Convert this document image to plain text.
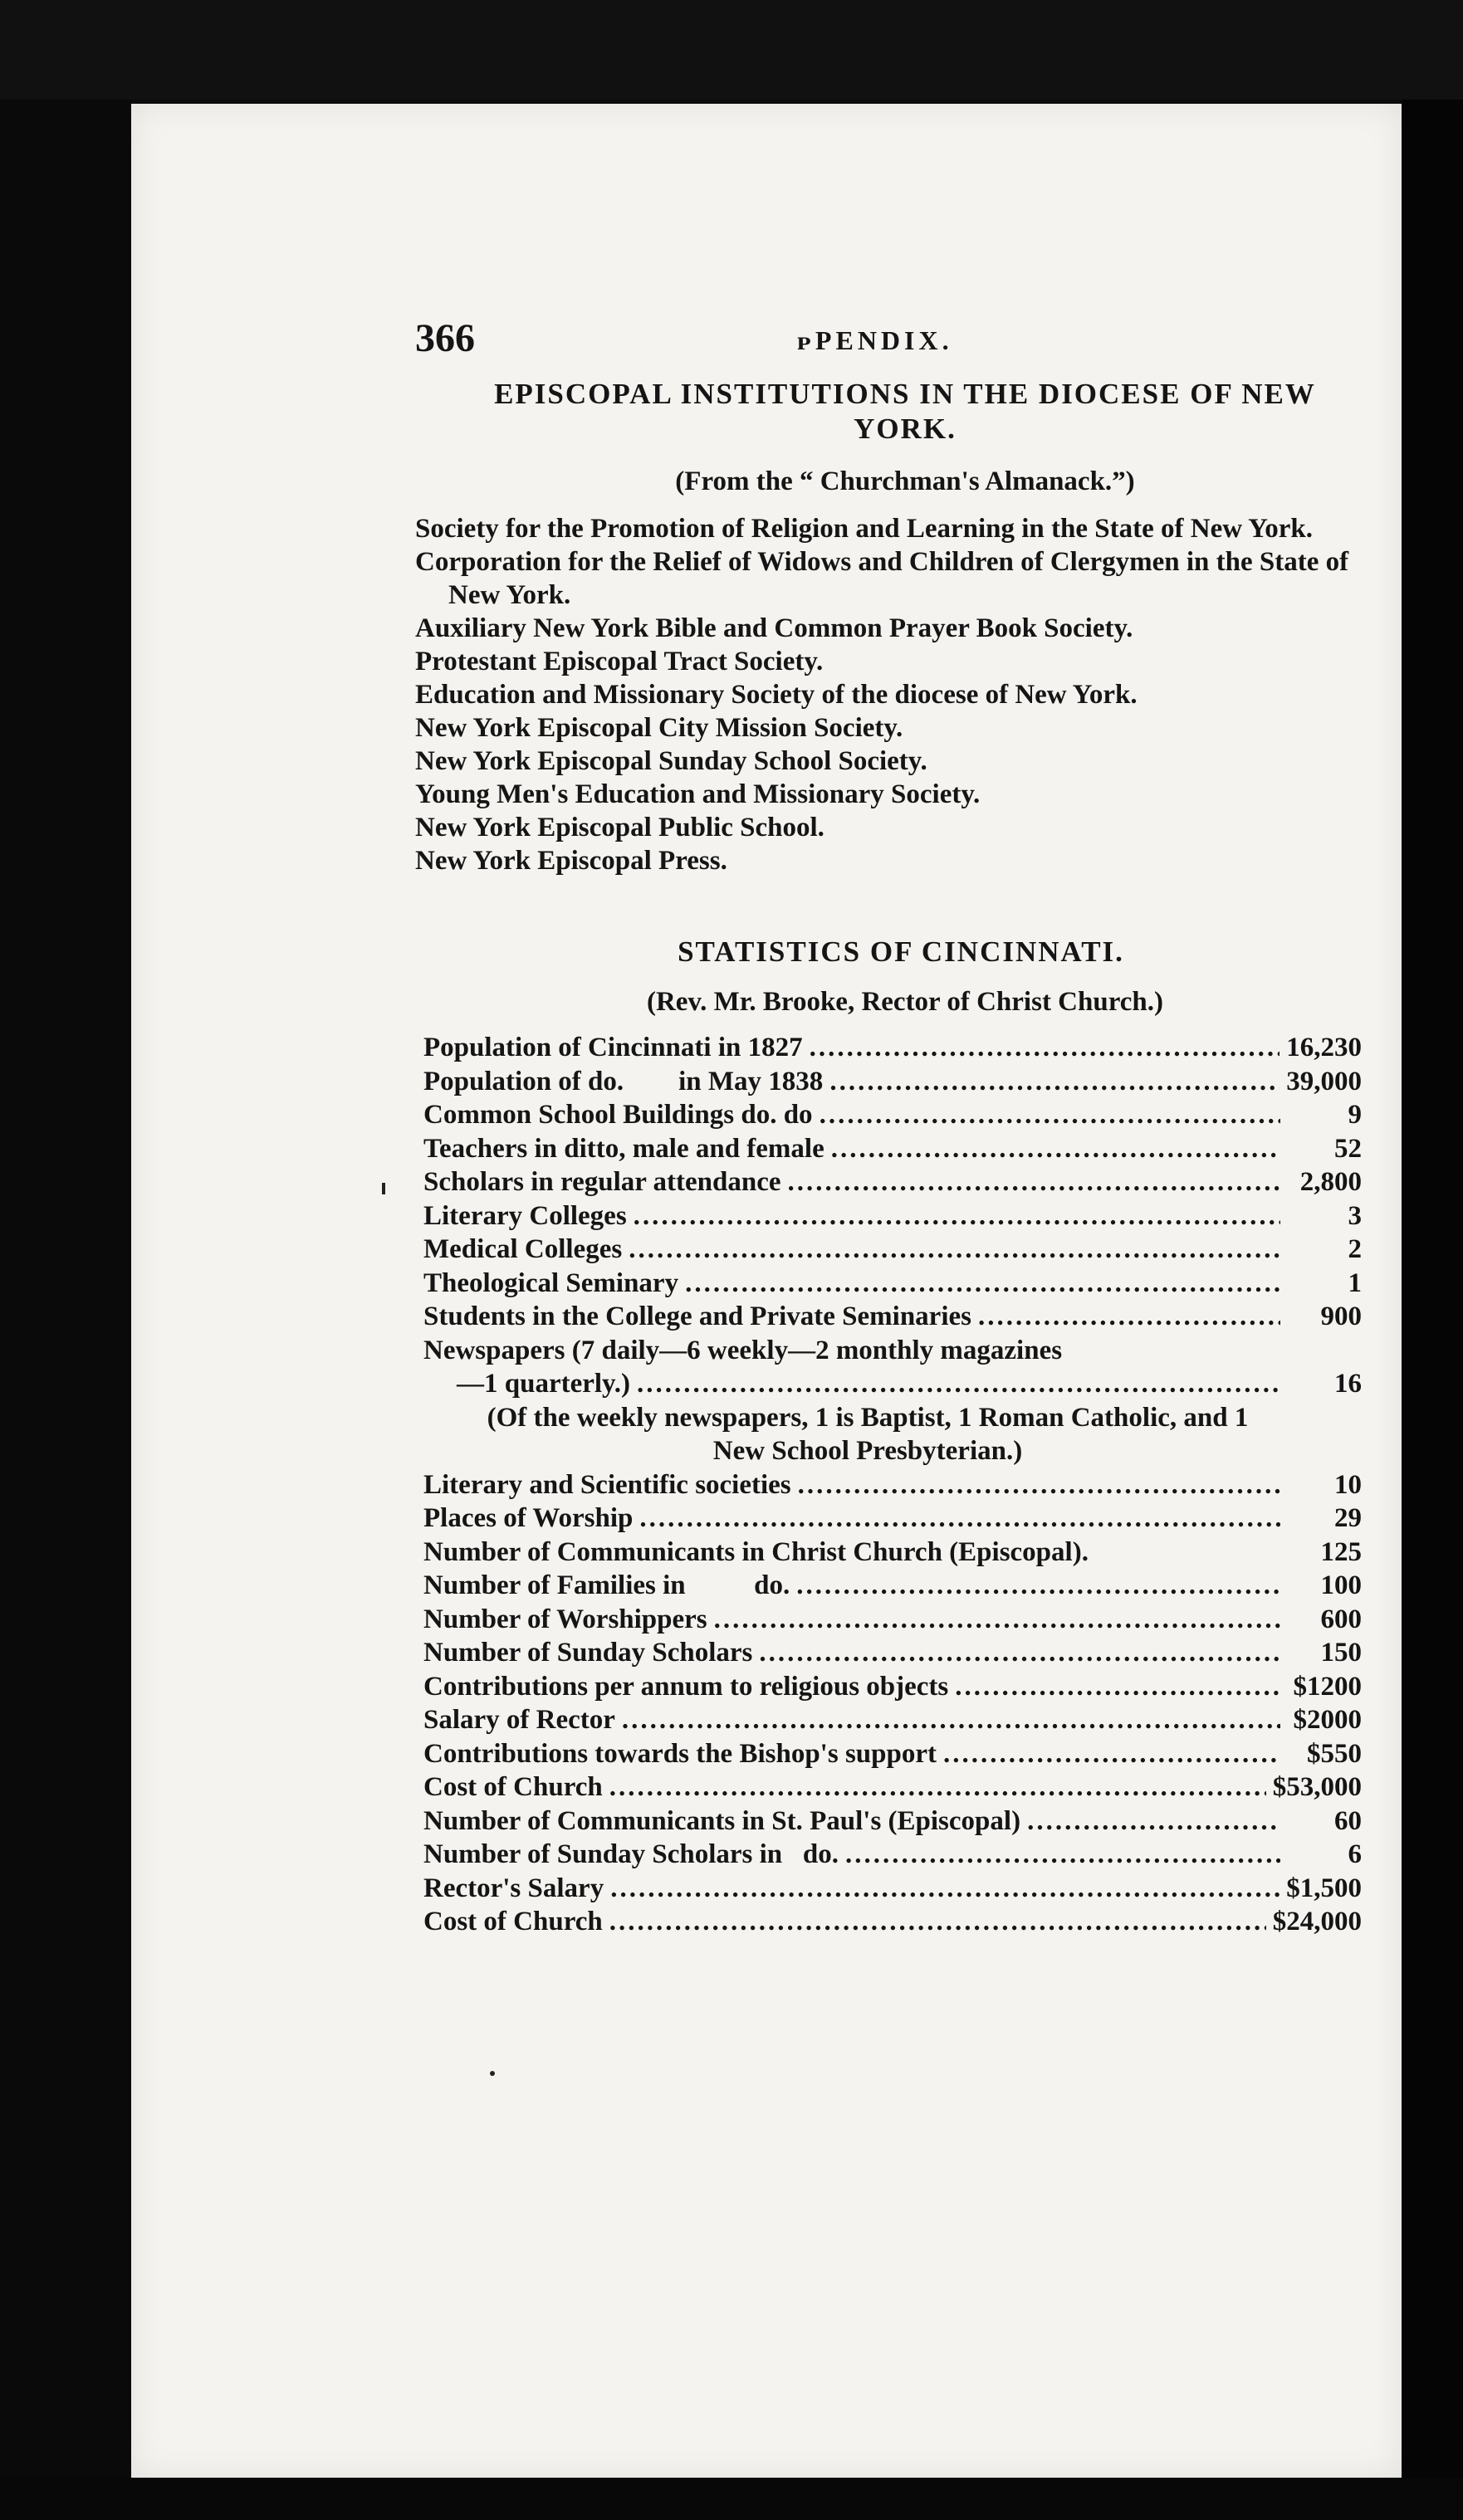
366	ᴘPENDIX.
EPISCOPAL INSTITUTIONS IN THE DIOCESE OF NEW YORK.
(From the “ Churchman's Almanack.”)
Society for the Promotion of Religion and Learning in the State of New York.
Corporation for the Relief of Widows and Children of Clergymen in the State of New York.
Auxiliary New York Bible and Common Prayer Book Society.
Protestant Episcopal Tract Society.
Education and Missionary Society of the diocese of New York.
New York Episcopal City Mission Society.
New York Episcopal Sunday School Society.
Young Men's Education and Missionary Society.
New York Episcopal Public School.
New York Episcopal Press.
STATISTICS OF CINCINNATI.
(Rev. Mr. Brooke, Rector of Christ Church.)
Population of Cincinnati in 1827 .....	16,230
Population of do.        in May 1838 .....	39,000
Common School Buildings do. do .....	9
Teachers in ditto, male and female .....	52
Scholars in regular attendance .....	2,800
Literary Colleges .....	3
Medical Colleges .....	2
Theological Seminary .....	1
Students in the College and Private Seminaries .....	900
Newspapers (7 daily—6 weekly—2 monthly magazines
—1 quarterly.) .....	16
(Of the weekly newspapers, 1 is Baptist, 1 Roman Catholic, and 1 New School Presbyterian.)
Literary and Scientific societies .....	10
Places of Worship .....	29
Number of Communicants in Christ Church (Episcopal).	125
Number of Families in          do. .....	100
Number of Worshippers .....	600
Number of Sunday Scholars .....	150
Contributions per annum to religious objects .....	$1200
Salary of Rector .....	$2000
Contributions towards the Bishop's support .....	$550
Cost of Church .....	$53,000
Number of Communicants in St. Paul's (Episcopal) .....	60
Number of Sunday Scholars in   do. .....	6
Rector's Salary .....	$1,500
Cost of Church .....	$24,000
